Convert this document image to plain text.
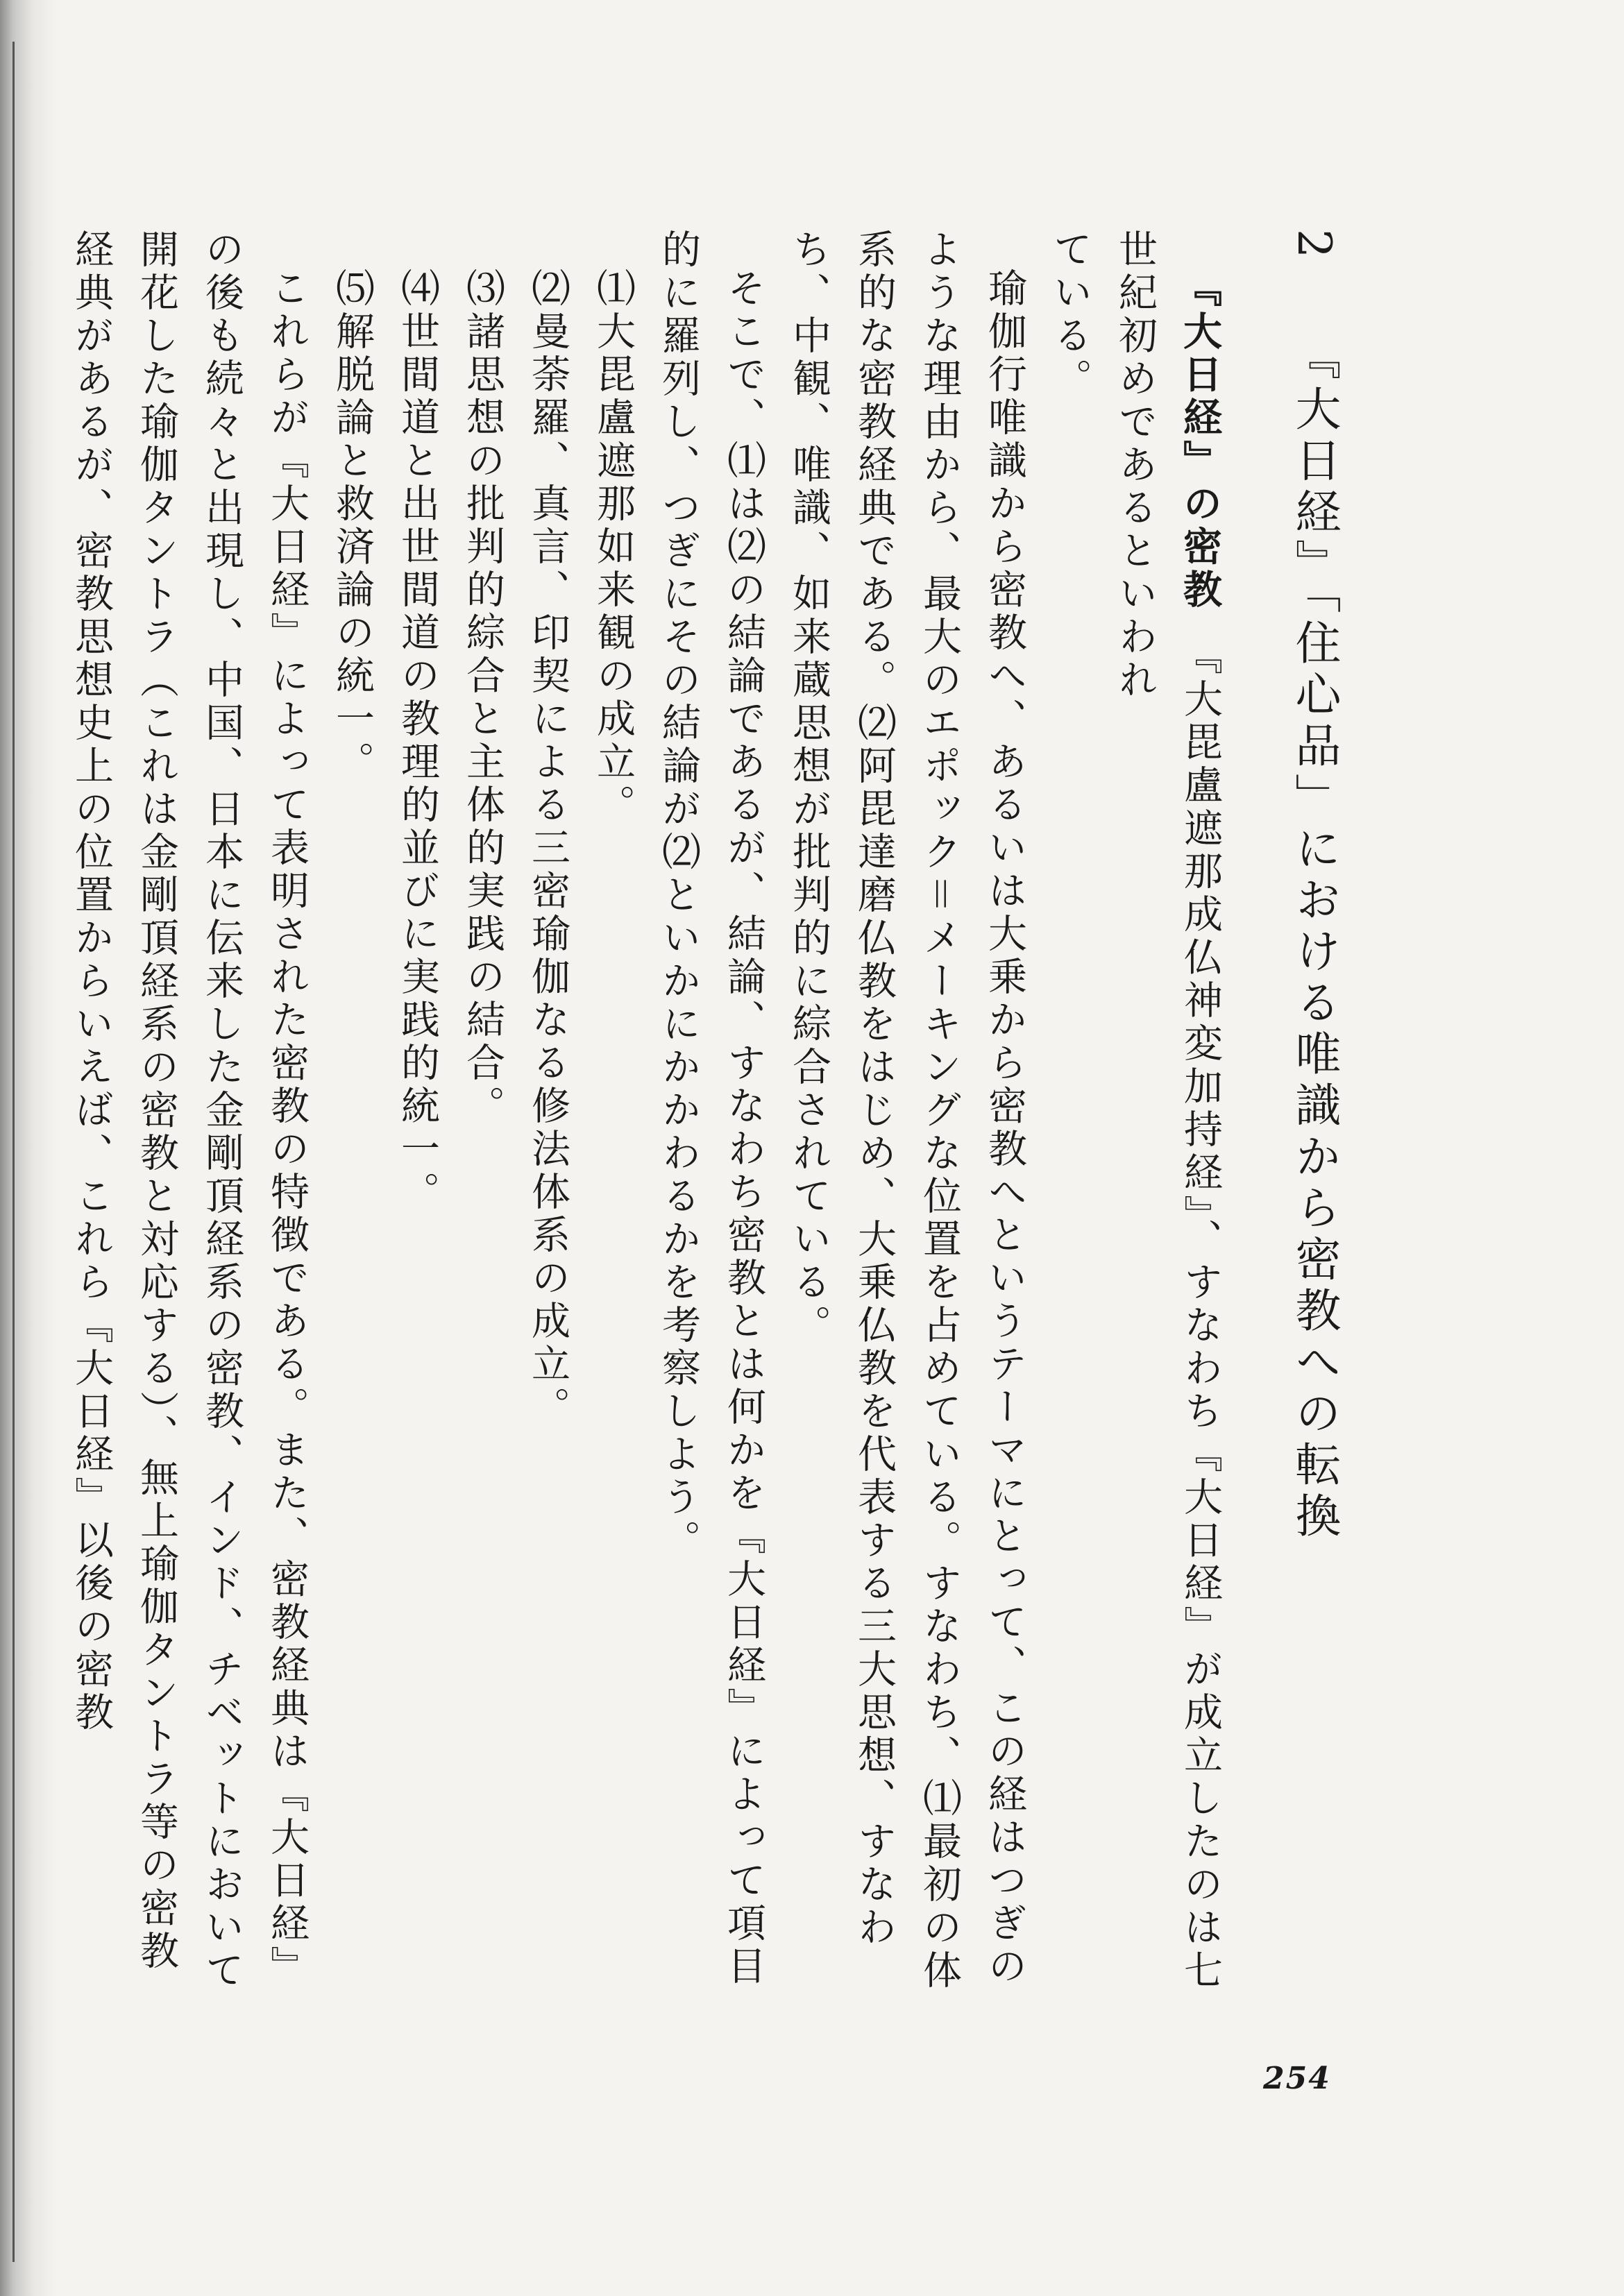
2　『大日経』「住心品」における唯識から密教への転換
『大日経』の密教　『大毘盧遮那成仏神変加持経』、すなわち『大日経』が成立したのは七世紀初めであるといわれ
ている。
瑜伽行唯識から密教へ、あるいは大乗から密教へというテーマにとって、この経はつぎのような理由から、最大のエポック＝メーキングな位置を占めている。すなわち、⑴最初の体系的な密教経典である。⑵阿毘達磨仏教をはじめ、大乗仏教を代表する三大思想、すなわち、中観、唯識、如来蔵思想が批判的に綜合されている。
そこで、⑴は⑵の結論であるが、結論、すなわち密教とは何かを『大日経』によって項目的に羅列し、つぎにその結論が⑵といかにかかわるかを考察しよう。
⑴大毘盧遮那如来観の成立。
⑵曼荼羅、真言、印契による三密瑜伽なる修法体系の成立。
⑶諸思想の批判的綜合と主体的実践の結合。
⑷世間道と出世間道の教理的並びに実践的統一。
⑸解脱論と救済論の統一。
これらが『大日経』によって表明された密教の特徴である。また、密教経典は『大日経』の後も続々と出現し、中国、日本に伝来した金剛頂経系の密教、インド、チベットにおいて開花した瑜伽タントラ（これは金剛頂経系の密教と対応する）、無上瑜伽タントラ等の密教経典があるが、密教思想史上の位置からいえば、これら『大日経』以後の密教
254
